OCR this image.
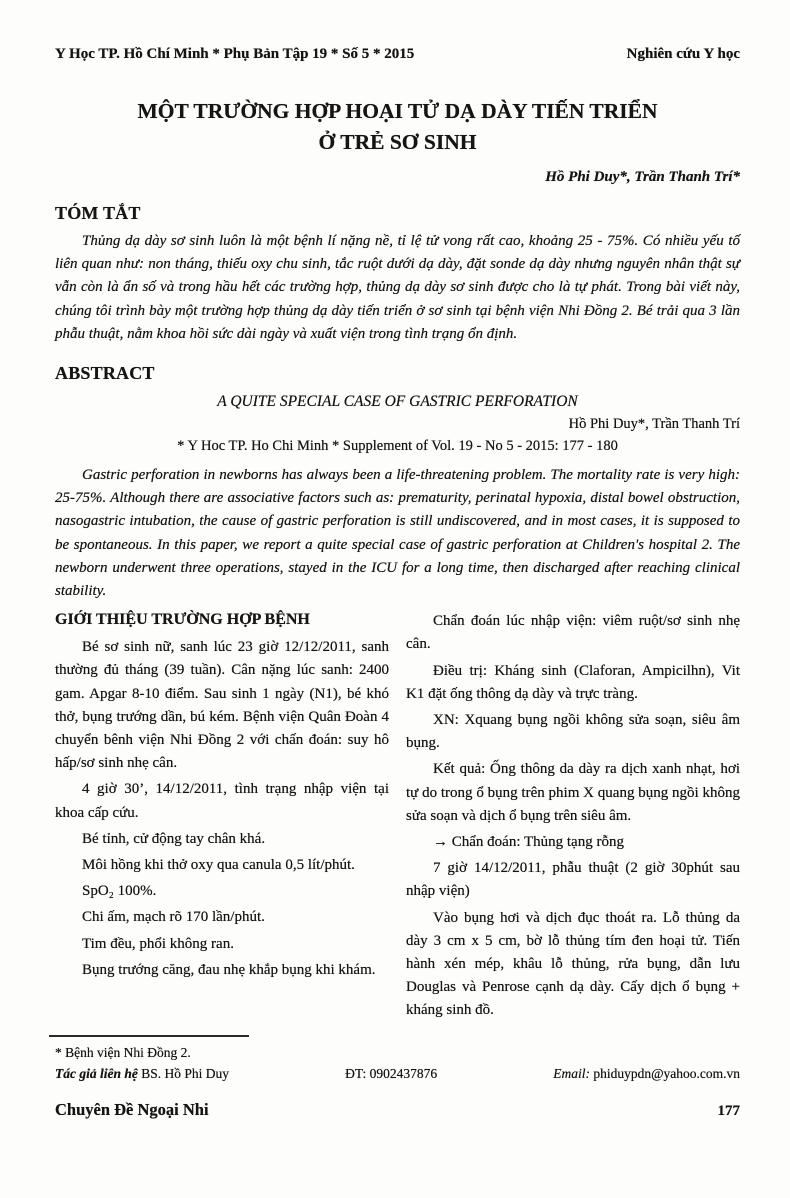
Y Học TP. Hồ Chí Minh * Phụ Bản Tập 19 * Số 5 * 2015	Nghiên cứu Y học
MỘT TRƯỜNG HỢP HOẠI TỬ DẠ DÀY TIẾN TRIỂN
Ở TRẺ SƠ SINH
Hồ Phi Duy*, Trần Thanh Trí*
TÓM TẮT

Thủng dạ dày sơ sinh luôn là một bệnh lí nặng nề, tỉ lệ tử vong rất cao, khoảng 25 - 75%. Có nhiều yếu tố liên quan như: non tháng, thiếu oxy chu sinh, tắc ruột dưới dạ dày, đặt sonde dạ dày nhưng nguyên nhân thật sự vẫn còn là ẩn số và trong hầu hết các trường hợp, thủng dạ dày sơ sinh được cho là tự phát. Trong bài viết này, chúng tôi trình bày một trường hợp thủng dạ dày tiến triển ở sơ sinh tại bệnh viện Nhi Đồng 2. Bé trải qua 3 lần phẫu thuật, nằm khoa hồi sức dài ngày và xuất viện trong tình trạng ổn định.

ABSTRACT
A QUITE SPECIAL CASE OF GASTRIC PERFORATION
Hồ Phi Duy*, Trần Thanh Trí
* Y Hoc TP. Ho Chi Minh * Supplement of Vol. 19 - No 5 - 2015: 177 - 180

Gastric perforation in newborns has always been a life-threatening problem. The mortality rate is very high: 25-75%. Although there are associative factors such as: prematurity, perinatal hypoxia, distal bowel obstruction, nasogastric intubation, the cause of gastric perforation is still undiscovered, and in most cases, it is supposed to be spontaneous. In this paper, we report a quite special case of gastric perforation at Children's hospital 2. The newborn underwent three operations, stayed in the ICU for a long time, then discharged after reaching clinical stability.

GIỚI THIỆU TRƯỜNG HỢP BỆNH

Bé sơ sinh nữ, sanh lúc 23 giờ 12/12/2011, sanh thường đủ tháng (39 tuần). Cân nặng lúc sanh: 2400 gam. Apgar 8-10 điểm. Sau sinh 1 ngày (N1), bé khó thở, bụng trướng dần, bú kém. Bệnh viện Quân Đoàn 4 chuyển bênh viện Nhi Đồng 2 với chấn đoán: suy hô hấp/sơ sinh nhẹ cân.

4 giờ 30’, 14/12/2011, tình trạng nhập viện tại khoa cấp cứu.

Bé tỉnh, cử động tay chân khá.

Môi hồng khi thở oxy qua canula 0,5 lít/phút.

SpO₂ 100%.

Chi ấm, mạch rõ 170 lần/phút.

Tim đều, phổi không ran.

Bụng trướng căng, đau nhẹ khắp bụng khi khám.

Chẩn đoán lúc nhập viện: viêm ruột/sơ sinh nhẹ cân.

Điều trị: Kháng sinh (Claforan, Ampicilhn), Vit K1 đặt ống thông dạ dày và trực tràng.

XN: Xquang bụng ngồi không sửa soạn, siêu âm bụng.

Kết quả: Ống thông da dày ra dịch xanh nhạt, hơi tự do trong ổ bụng trên phim X quang bụng ngồi không sửa soạn và dịch ổ bụng trên siêu âm.

→ Chẩn đoán: Thủng tạng rỗng

7 giờ 14/12/2011, phẫu thuật (2 giờ 30phút sau nhập viện)

Vào bụng hơi và dịch đục thoát ra. Lỗ thủng da dày 3 cm x 5 cm, bờ lỗ thủng tím đen hoại tử. Tiến hành xén mép, khâu lỗ thủng, rửa bụng, dẫn lưu Douglas và Penrose cạnh dạ dày. Cấy dịch ổ bụng + kháng sinh đồ.

* Bệnh viện Nhi Đồng 2.
Tác giả liên hệ BS. Hồ Phi Duy	ĐT: 0902437876	Email: phiduypdn@yahoo.com.vn
Chuyên Đề Ngoại Nhi	177
